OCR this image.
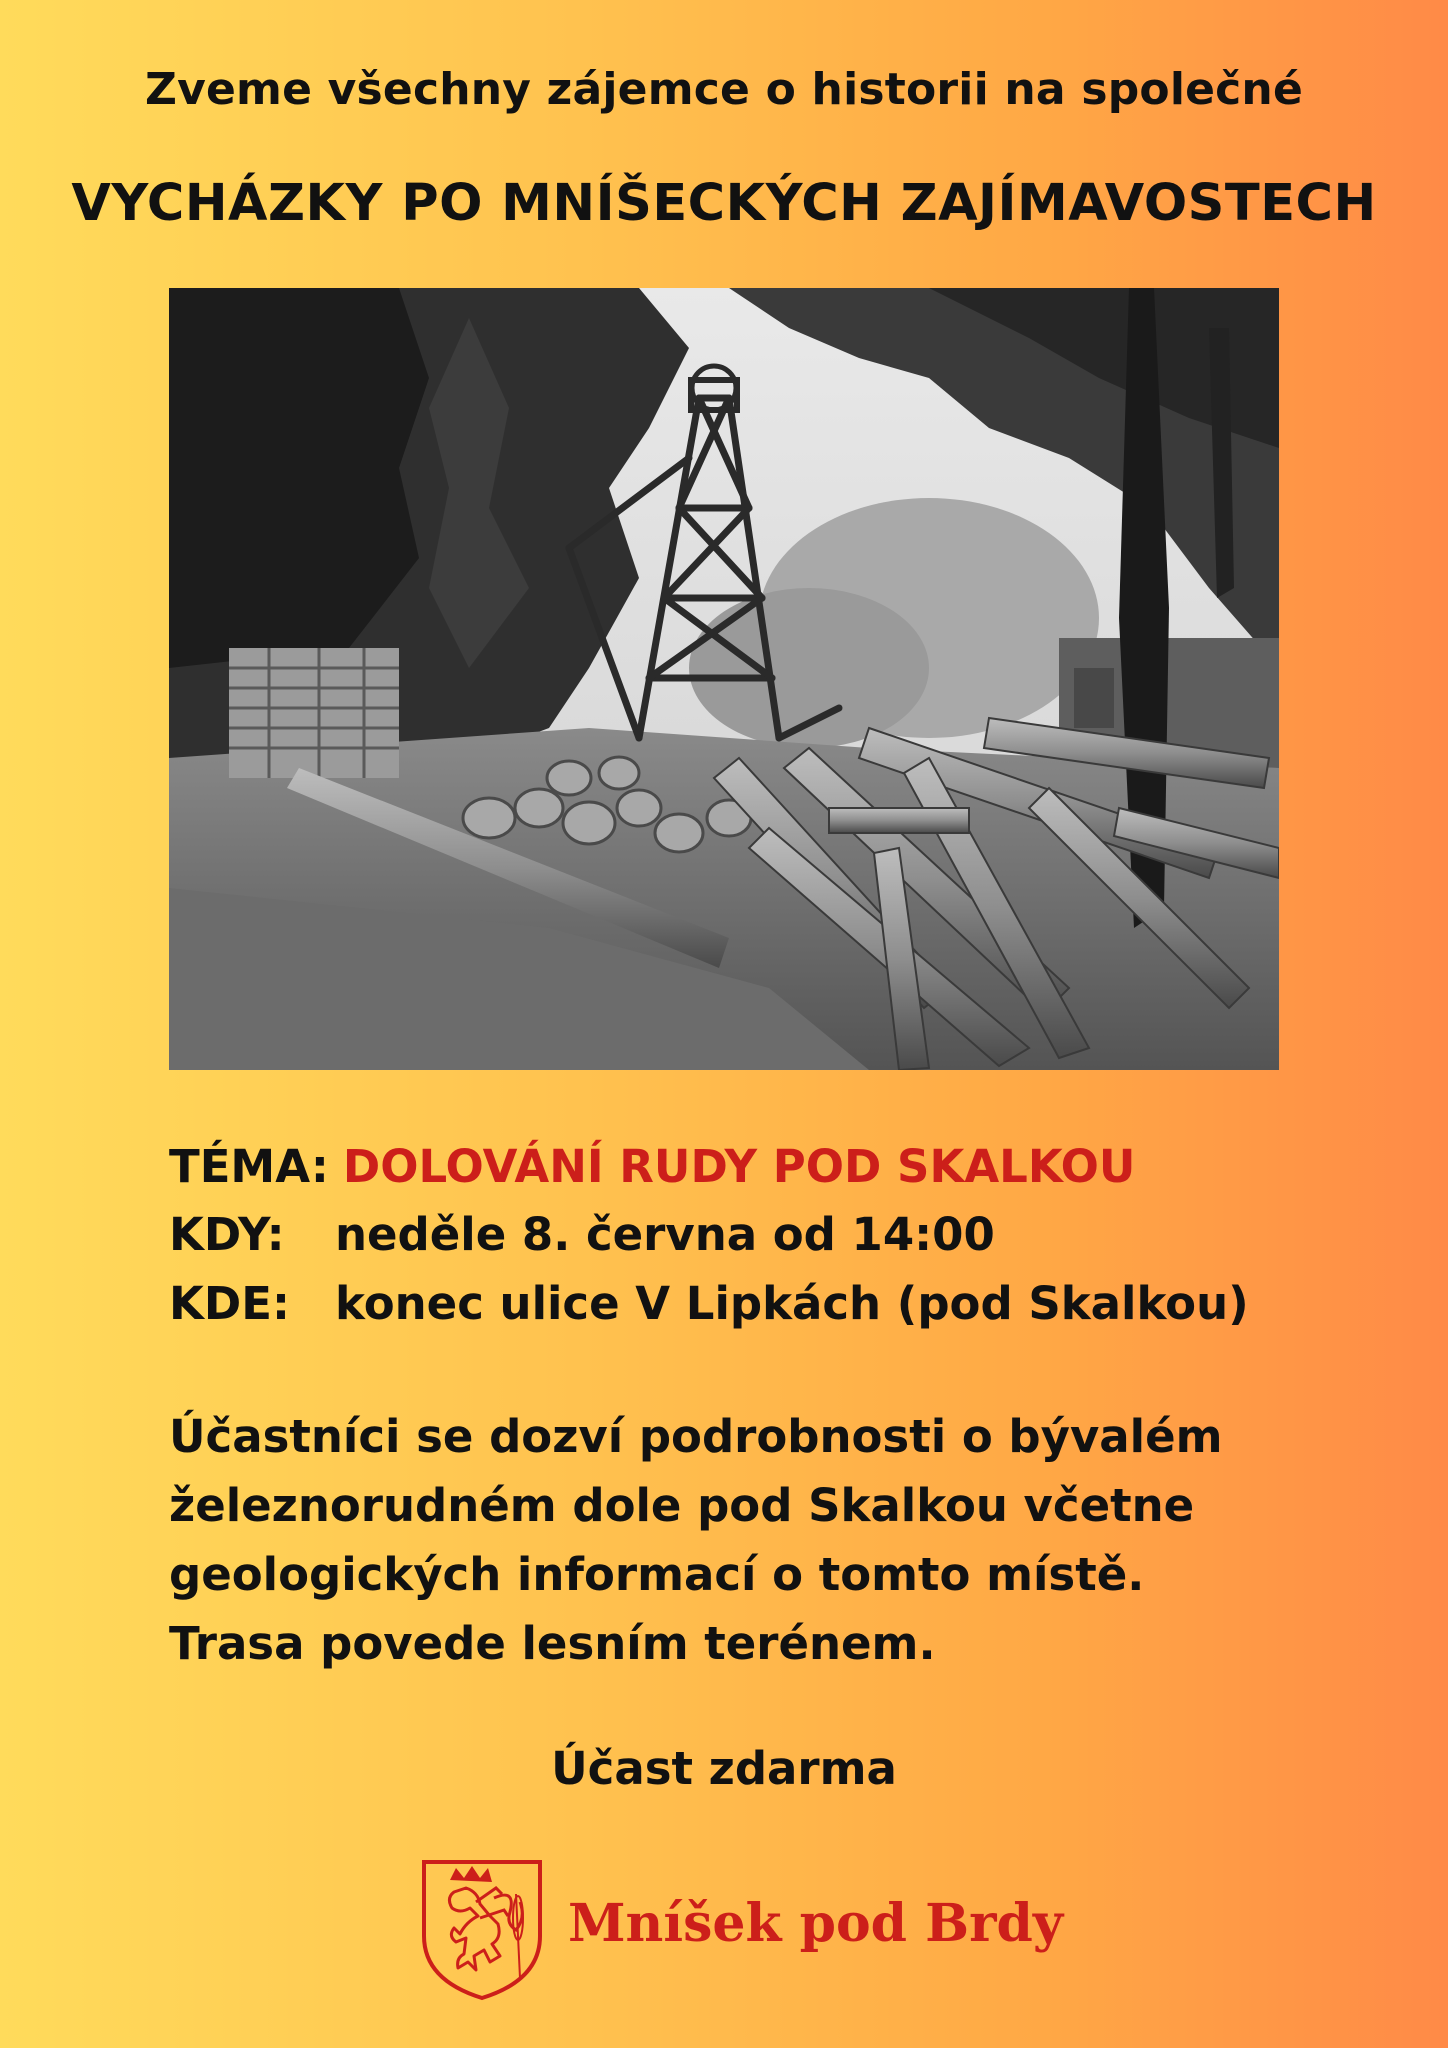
Zveme všechny zájemce o historii na společné
VYCHÁZKY PO MNÍŠECKÝCH ZAJÍMAVOSTECH
TÉMA: DOLOVÁNÍ RUDY POD SKALKOU
KDY: neděle 8. června od 14:00
KDE: konec ulice V Lipkách (pod Skalkou)
Účastníci se dozví podrobnosti o bývalém
železnorudném dole pod Skalkou včetne
geologických informací o tomto místě.
Trasa povede lesním terénem.
Účast zdarma
Mníšek pod Brdy
